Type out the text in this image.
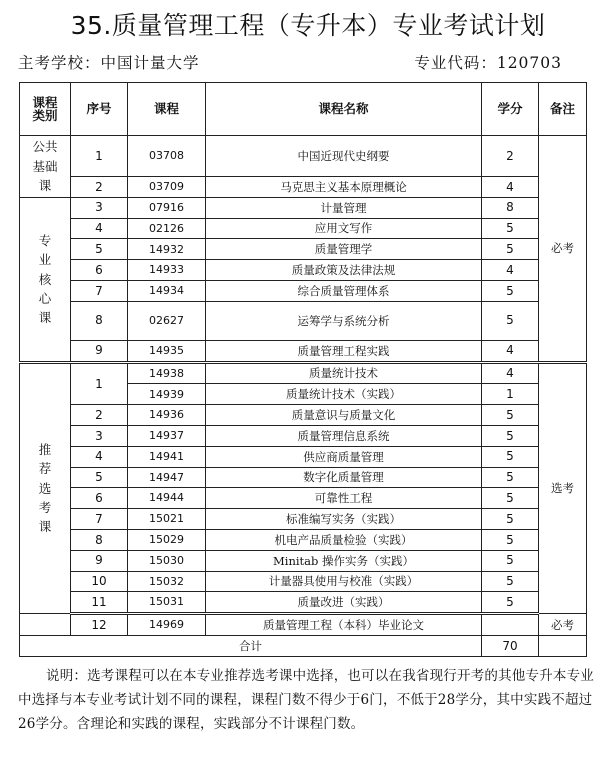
35.质量管理工程（专升本）专业考试计划
主考学校：中国计量大学	专业代码：120703
课程类别	序号	课程	课程名称	学分	备注

公共
基础
课	1	03708	中国近现代史纲要	2	必考
	2	03709	马克思主义基本原理概论	4	

专
业
核
心
课	3	07916	计量管理	8	
	4	02126	应用文写作	5	
	5	14932	质量管理学	5	
	6	14933	质量政策及法律法规	4	
	7	14934	综合质量管理体系	5	
	8	02627	运筹学与系统分析	5	
	9	14935	质量管理工程实践	4	

推
荐
选
考
课	1	14938	质量统计技术	4	选考
		14939	质量统计技术（实践）	1	
	2	14936	质量意识与质量文化	5	
	3	14937	质量管理信息系统	5	
	4	14941	供应商质量管理	5	
	5	14947	数字化质量管理	5	
	6	14944	可靠性工程	5	
	7	15021	标准编写实务（实践）	5	
	8	15029	机电产品质量检验（实践）	5	
	9	15030	Minitab 操作实务（实践）	5	
	10	15032	计量器具使用与校准（实践）	5	
	11	15031	质量改进（实践）	5	
	12	14969	质量管理工程（本科）毕业论文		必考
合计				70	

说明：选考课程可以在本专业推荐选考课中选择，也可以在我省现行开考的其他专升本专业中选择与本专业考试计划不同的课程，课程门数不得少于6门，不低于28学分，其中实践不超过26学分。含理论和实践的课程，实践部分不计课程门数。
